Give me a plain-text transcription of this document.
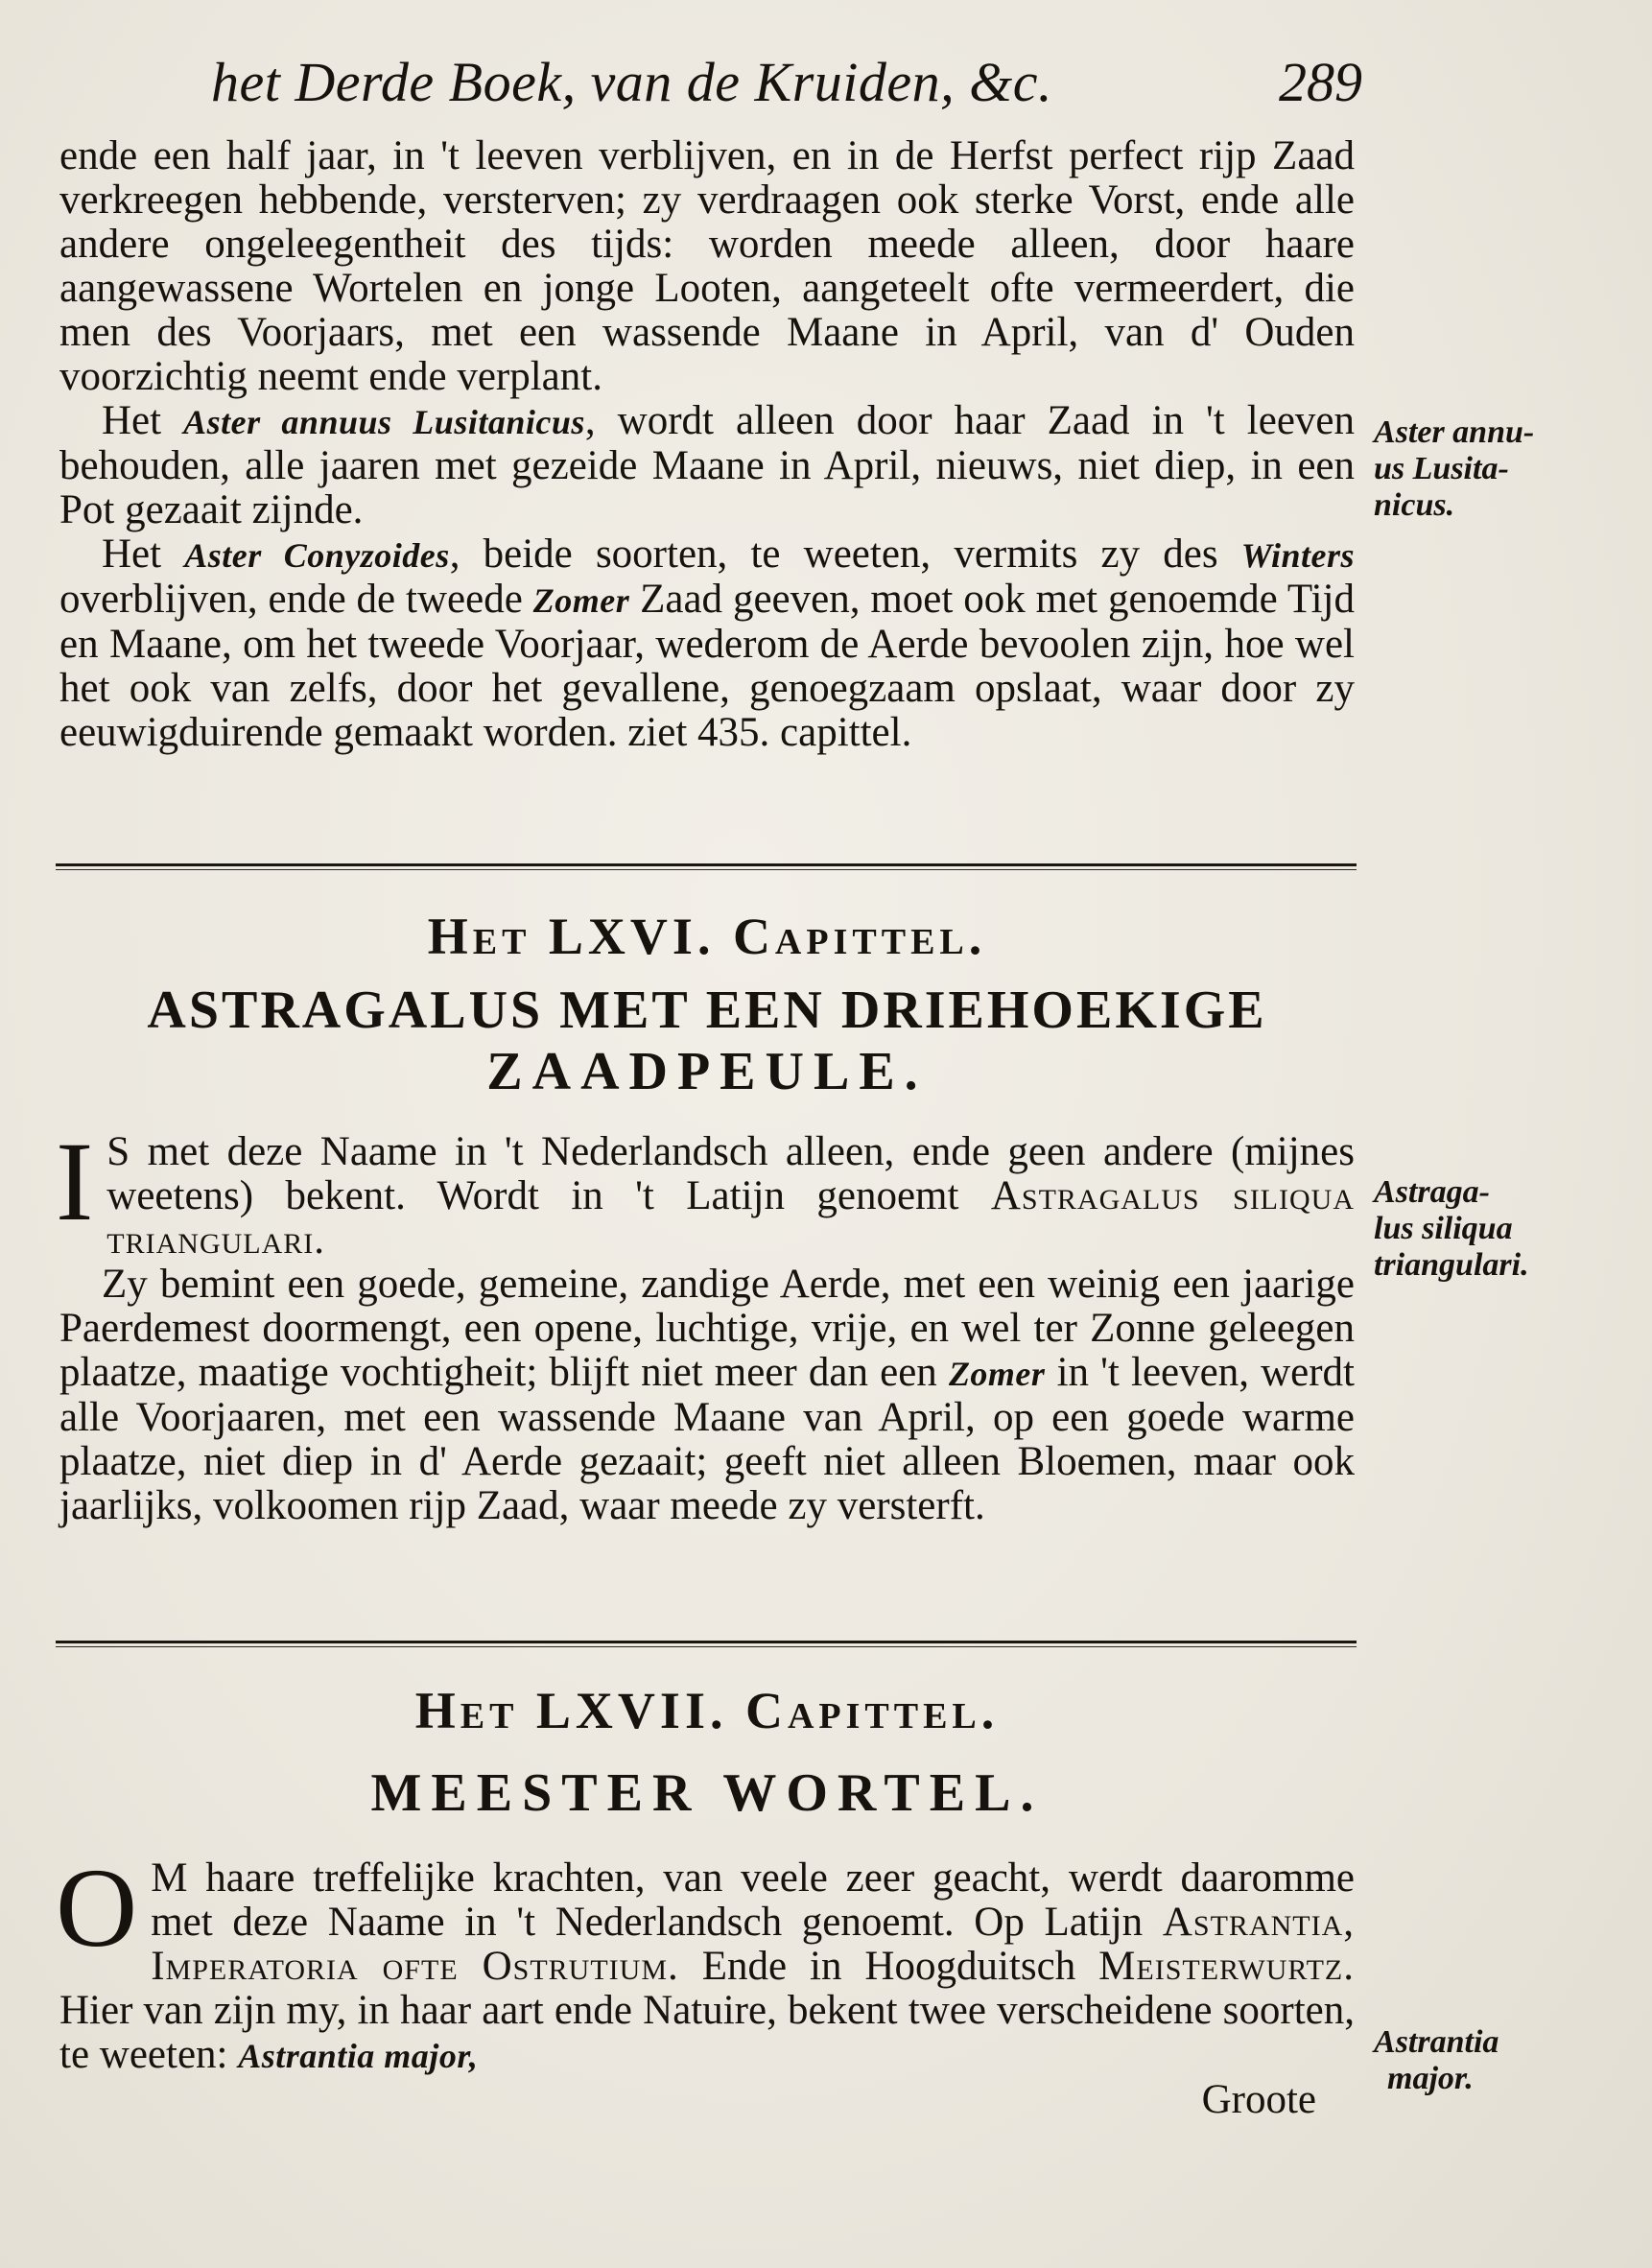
het Derde Boek, van de Kruiden, &c.	289

ende een half jaar, in 't leeven verblijven, en in de Herfst perfect rijp Zaad verkreegen hebbende, versterven; zy verdraagen ook sterke Vorst, ende alle andere ongeleegentheit des tijds: worden meede alleen, door haare aangewassene Wortelen en jonge Looten, aangeteelt ofte vermeerdert, die men des Voorjaars, met een wassende Maane in April, van d' Ouden voorzichtig neemt ende verplant.

Het Aster annuus Lusitanicus, wordt alleen door haar Zaad in 't leeven behouden, alle jaaren met gezeide Maane in April, nieuws, niet diep, in een Pot gezaait zijnde.

Het Aster Conyzoides, beide soorten, te weeten, vermits zy des Winters overblijven, ende de tweede Zomer Zaad geeven, moet ook met genoemde Tijd en Maane, om het tweede Voorjaar, wederom de Aerde bevoolen zijn, hoe wel het ook van zelfs, door het gevallene, genoegzaam opslaat, waar door zy eeuwigduirende gemaakt worden. ziet 435. capittel.

Aster annu-
us Lusita-
nicus.

Het LXVI. Capittel.

ASTRAGALUS MET EEN DRIEHOEKIGE

ZAADPEULE.

I S met deze Naame in 't Nederlandsch alleen, ende geen andere (mijnes weetens) bekent. Wordt in 't Latijn genoemt Astragalus siliqua triangulari.

Zy bemint een goede, gemeine, zandige Aerde, met een weinig een jaarige Paerdemest doormengt, een opene, luchtige, vrije, en wel ter Zonne geleegen plaatze, maatige vochtigheit; blijft niet meer dan een Zomer in 't leeven, werdt alle Voorjaaren, met een wassende Maane van April, op een goede warme plaatze, niet diep in d' Aerde gezaait; geeft niet alleen Bloemen, maar ook jaarlijks, volkoomen rijp Zaad, waar meede zy versterft.

Astraga-
lus siliqua
triangulari.

Het LXVII. Capittel.

MEESTER WORTEL.

O M haare treffelijke krachten, van veele zeer geacht, werdt daaromme met deze Naame in 't Nederlandsch genoemt. Op Latijn Astrantia, Imperatoria ofte Ostrutium. Ende in Hoogduitsch Meisterwurtz. Hier van zijn my, in haar aart ende Natuire, bekent twee verscheidene soorten, te weeten: Astrantia major,

Groote

Astrantia
major.
